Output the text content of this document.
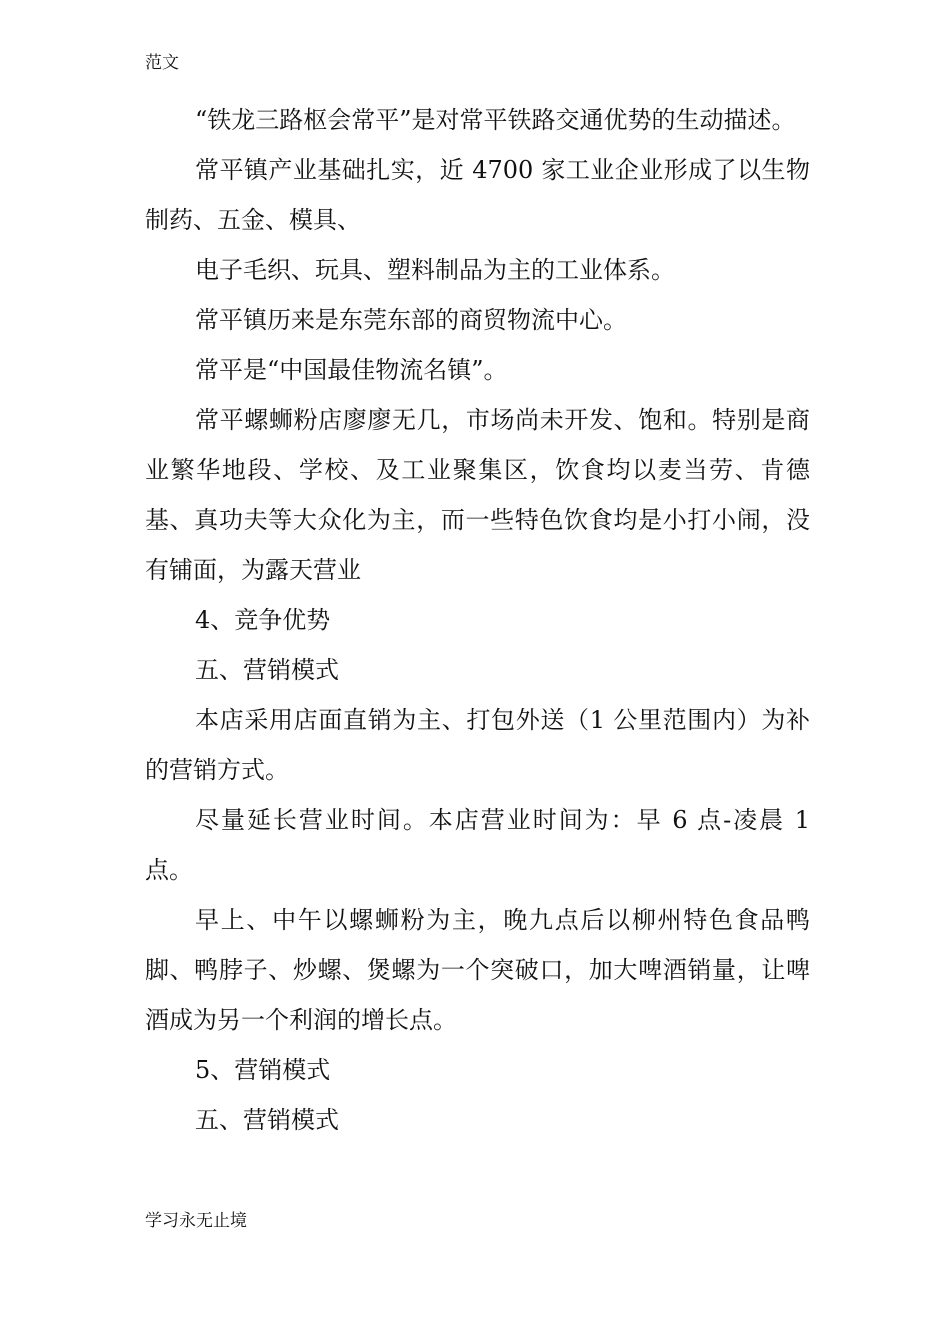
范文

“铁龙三路枢会常平”是对常平铁路交通优势的生动描述。

常平镇产业基础扎实，近 4700 家工业企业形成了以生物制药、五金、模具、

电子毛织、玩具、塑料制品为主的工业体系。

常平镇历来是东莞东部的商贸物流中心。

常平是“中国最佳物流名镇”。

常平螺蛳粉店廖廖无几，市场尚未开发、饱和。特别是商业繁华地段、学校、及工业聚集区，饮食均以麦当劳、肯德基、真功夫等大众化为主，而一些特色饮食均是小打小闹，没有铺面，为露天营业

4、竞争优势

五、营销模式

本店采用店面直销为主、打包外送（1 公里范围内）为补的营销方式。

尽量延长营业时间。本店营业时间为：早 6 点-凌晨 1 点。

早上、中午以螺蛳粉为主，晚九点后以柳州特色食品鸭脚、鸭脖子、炒螺、煲螺为一个突破口，加大啤酒销量，让啤酒成为另一个利润的增长点。

5、营销模式

五、营销模式

学习永无止境
